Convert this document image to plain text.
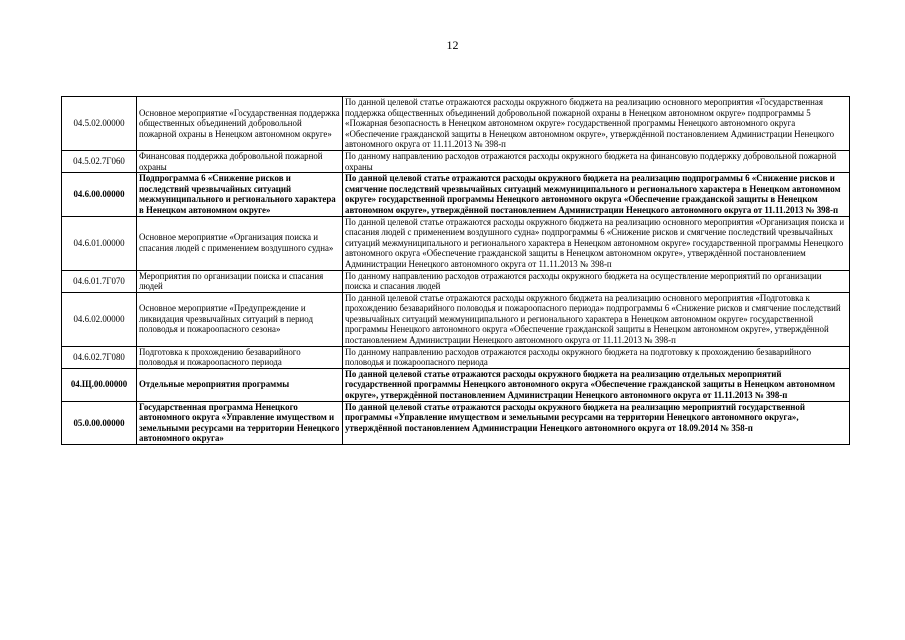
12
04.5.02.00000	Основное мероприятие «Государственная поддержка общественных объединений добровольной пожарной охраны в Ненецком автономном округе»	По данной целевой статье отражаются расходы окружного бюджета на реализацию основного мероприятия «Государственная поддержка общественных объединений добровольной пожарной охраны в Ненецком автономном округе» подпрограммы 5 «Пожарная безопасность в Ненецком автономном округе» государственной программы Ненецкого автономного округа «Обеспечение гражданской защиты в Ненецком автономном округе», утверждённой постановлением Администрации Ненецкого автономного округа от 11.11.2013 № 398-п
04.5.02.7Г060	Финансовая поддержка добровольной пожарной охраны	По данному направлению расходов отражаются расходы окружного бюджета на финансовую поддержку добровольной пожарной охраны
04.6.00.00000	Подпрограмма 6 «Снижение рисков и последствий чрезвычайных ситуаций межмуниципального и регионального характера в Ненецком автономном округе»	По данной целевой статье отражаются расходы окружного бюджета на реализацию подпрограммы 6 «Снижение рисков и смягчение последствий чрезвычайных ситуаций межмуниципального и регионального характера в Ненецком автономном округе» государственной программы Ненецкого автономного округа «Обеспечение гражданской защиты в Ненецком автономном округе», утверждённой постановлением Администрации Ненецкого автономного округа от 11.11.2013 № 398-п
04.6.01.00000	Основное мероприятие «Организация поиска и спасания людей с применением воздушного судна»	По данной целевой статье отражаются расходы окружного бюджета на реализацию основного мероприятия «Организация поиска и спасания людей с применением воздушного судна» подпрограммы 6 «Снижение рисков и смягчение последствий чрезвычайных ситуаций межмуниципального и регионального характера в Ненецком автономном округе» государственной программы Ненецкого автономного округа «Обеспечение гражданской защиты в Ненецком автономном округе», утверждённой постановлением Администрации Ненецкого автономного округа от 11.11.2013 № 398-п
04.6.01.7Г070	Мероприятия по организации поиска и спасания людей	По данному направлению расходов отражаются расходы окружного бюджета на осуществление мероприятий по организации поиска и спасания людей
04.6.02.00000	Основное мероприятие «Предупреждение и ликвидация чрезвычайных ситуаций в период половодья и пожароопасного сезона»	По данной целевой статье отражаются расходы окружного бюджета на реализацию основного мероприятия «Подготовка к прохождению безаварийного половодья и пожароопасного периода» подпрограммы 6 «Снижение рисков и смягчение последствий чрезвычайных ситуаций межмуниципального и регионального характера в Ненецком автономном округе» государственной программы Ненецкого автономного округа «Обеспечение гражданской защиты в Ненецком автономном округе», утверждённой постановлением Администрации Ненецкого автономного округа от 11.11.2013 № 398-п
04.6.02.7Г080	Подготовка к прохождению безаварийного половодья и пожароопасного периода	По данному направлению расходов отражаются расходы окружного бюджета на подготовку к прохождению безаварийного половодья и пожароопасного периода
04.Щ.00.00000	Отдельные мероприятия программы	По данной целевой статье отражаются расходы окружного бюджета на реализацию отдельных мероприятий государственной программы Ненецкого автономного округа «Обеспечение гражданской защиты в Ненецком автономном округе», утверждённой постановлением Администрации Ненецкого автономного округа от 11.11.2013 № 398-п
05.0.00.00000	Государственная программа Ненецкого автономного округа «Управление имуществом и земельными ресурсами на территории Ненецкого автономного округа»	По данной целевой статье отражаются расходы окружного бюджета на реализацию мероприятий государственной программы «Управление имуществом и земельными ресурсами на территории Ненецкого автономного округа», утверждённой постановлением Администрации Ненецкого автономного округа от 18.09.2014 № 358-п
